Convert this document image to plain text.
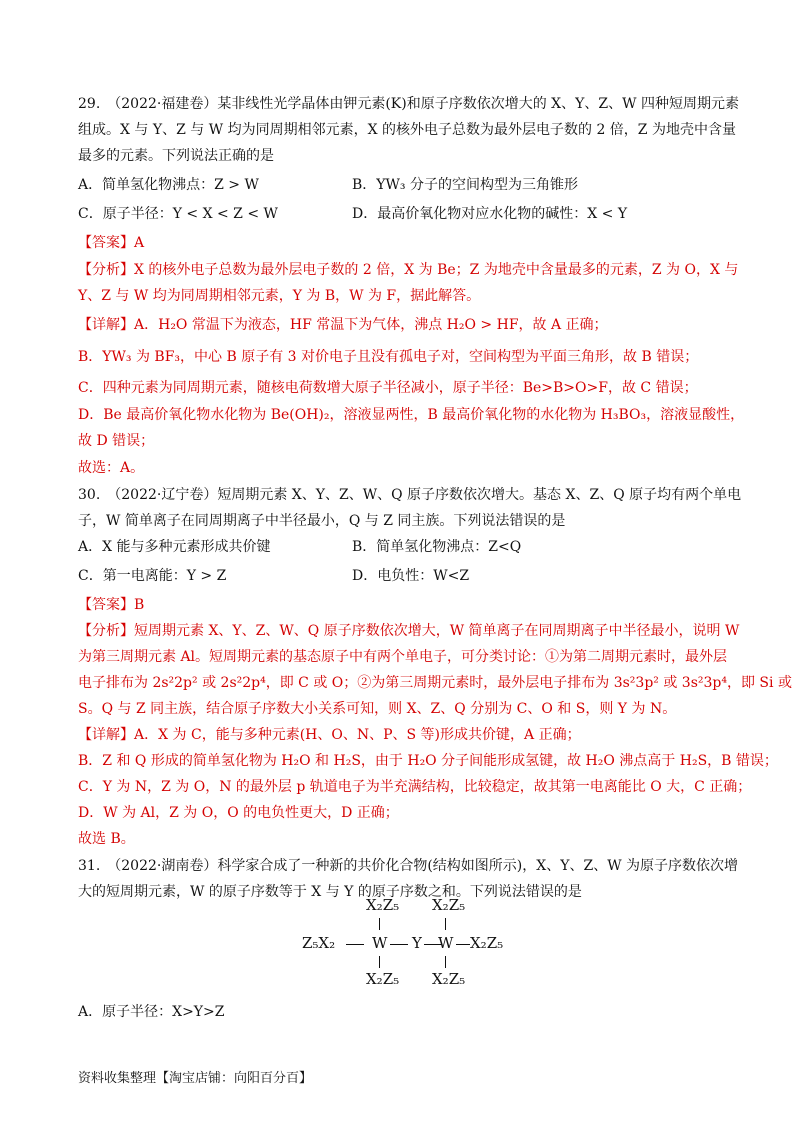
29.　（2022·福建卷）某非线性光学晶体由钾元素(K)和原子序数依次增大的 X、Y、Z、W 四种短周期元素
组成。X 与 Y、Z 与 W 均为同周期相邻元素，X 的核外电子总数为最外层电子数的 2 倍，Z 为地壳中含量
最多的元素。下列说法正确的是
A．简单氢化物沸点：Z > W	B．YW₃ 分子的空间构型为三角锥形
C．原子半径：Y < X < Z < W	D．最高价氧化物对应水化物的碱性：X < Y
【答案】A
【分析】X 的核外电子总数为最外层电子数的 2 倍，X 为 Be；Z 为地壳中含量最多的元素，Z 为 O，X 与
Y、Z 与 W 均为同周期相邻元素，Y 为 B，W 为 F，据此解答。
【详解】A．H₂O 常温下为液态，HF 常温下为气体，沸点 H₂O > HF，故 A 正确；
B．YW₃ 为 BF₃，中心 B 原子有 3 对价电子且没有孤电子对，空间构型为平面三角形，故 B 错误；
C．四种元素为同周期元素，随核电荷数增大原子半径减小，原子半径：Be>B>O>F，故 C 错误；
D．Be 最高价氧化物水化物为 Be(OH)₂，溶液显两性，B 最高价氧化物的水化物为 H₃BO₃，溶液显酸性，
故 D 错误；
故选：A。
30.　（2022·辽宁卷）短周期元素 X、Y、Z、W、Q 原子序数依次增大。基态 X、Z、Q 原子均有两个单电
子，W 简单离子在同周期离子中半径最小，Q 与 Z 同主族。下列说法错误的是
A．X 能与多种元素形成共价键	B．简单氢化物沸点：Z<Q
C．第一电离能：Y > Z	D．电负性：W<Z
【答案】B
【分析】短周期元素 X、Y、Z、W、Q 原子序数依次增大，W 简单离子在同周期离子中半径最小，说明 W
为第三周期元素 Al。短周期元素的基态原子中有两个单电子，可分类讨论：①为第二周期元素时，最外层
电子排布为 2s²2p² 或 2s²2p⁴，即 C 或 O；②为第三周期元素时，最外层电子排布为 3s²3p² 或 3s²3p⁴，即 Si 或
S。Q 与 Z 同主族，结合原子序数大小关系可知，则 X、Z、Q 分别为 C、O 和 S，则 Y 为 N。
【详解】A．X 为 C，能与多种元素(H、O、N、P、S 等)形成共价键，A 正确；
B．Z 和 Q 形成的简单氢化物为 H₂O 和 H₂S，由于 H₂O 分子间能形成氢键，故 H₂O 沸点高于 H₂S，B 错误；
C．Y 为 N，Z 为 O，N 的最外层 p 轨道电子为半充满结构，比较稳定，故其第一电离能比 O 大，C 正确；
D．W 为 Al，Z 为 O，O 的电负性更大，D 正确；
故选 B。
31.　（2022·湖南卷）科学家合成了一种新的共价化合物(结构如图所示)，X、Y、Z、W 为原子序数依次增
大的短周期元素，W 的原子序数等于 X 与 Y 的原子序数之和。下列说法错误的是
X₂Z₅ X₂Z₅
Z₅X₂ W Y W X₂Z₅
X₂Z₅ X₂Z₅
A．原子半径：X>Y>Z
资料收集整理【淘宝店铺：向阳百分百】
